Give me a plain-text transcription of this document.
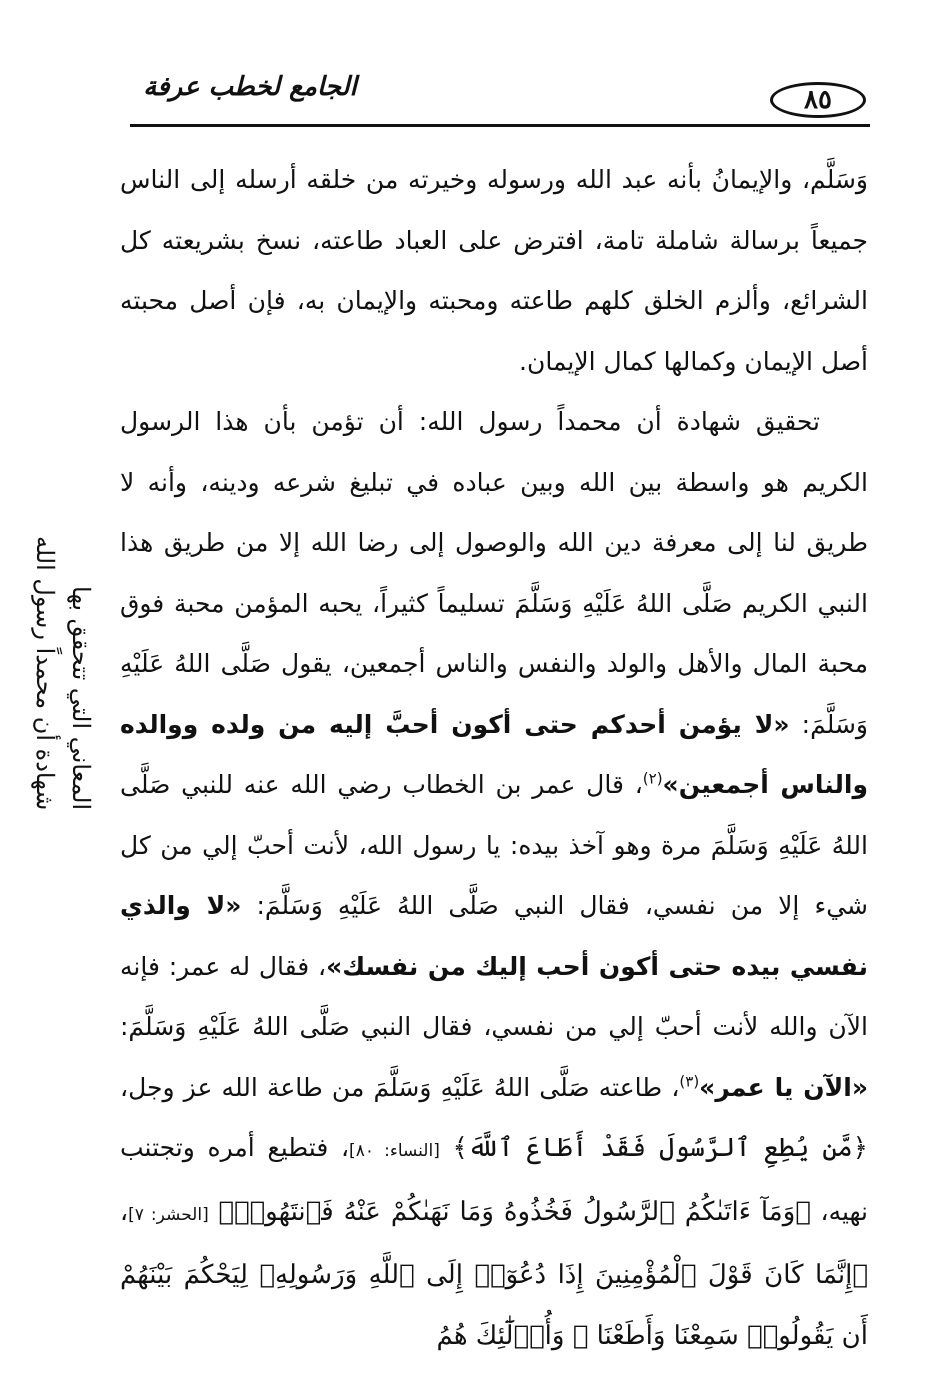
٨٥
الجامع لخطب عرفة
شهادة أن محمداً رسول الله المعاني التي تتحقق بها

وَسَلَّم، والإيمانُ بأنه عبد الله ورسوله وخيرته من خلقه أرسله إلى الناس جميعاً برسالة شاملة تامة، افترض على العباد طاعته، نسخ بشريعته كل الشرائع، وألزم الخلق كلهم طاعته ومحبته والإيمان به، فإن أصل محبته أصل الإيمان وكمالها كمال الإيمان.

تحقيق شهادة أن محمداً رسول الله: أن تؤمن بأن هذا الرسول الكريم هو واسطة بين الله وبين عباده في تبليغ شرعه ودينه، وأنه لا طريق لنا إلى معرفة دين الله والوصول إلى رضا الله إلا من طريق هذا النبي الكريم صَلَّى اللهُ عَلَيْهِ وَسَلَّمَ تسليماً كثيراً، يحبه المؤمن محبة فوق محبة المال والأهل والولد والنفس والناس أجمعين، يقول صَلَّى اللهُ عَلَيْهِ وَسَلَّمَ: «لا يؤمن أحدكم حتى أكون أحبَّ إليه من ولده ووالده والناس أجمعين»$^{(٢)}$، قال عمر بن الخطاب رضي الله عنه للنبي صَلَّى اللهُ عَلَيْهِ وَسَلَّمَ مرة وهو آخذ بيده: يا رسول الله، لأنت أحبّ إلي من كل شيء إلا من نفسي، فقال النبي صَلَّى اللهُ عَلَيْهِ وَسَلَّمَ: «لا والذي نفسي بيده حتى أكون أحب إليك من نفسك»، فقال له عمر: فإنه الآن والله لأنت أحبّ إلي من نفسي، فقال النبي صَلَّى اللهُ عَلَيْهِ وَسَلَّمَ: «الآن يا عمر»$^{(٣)}$، طاعته صَلَّى اللهُ عَلَيْهِ وَسَلَّمَ من طاعة الله عز وجل، ﴿مَّن يُطِعِ ٱلرَّسُولَ فَقَدْ أَطَاعَ ٱللَّهَ﴾ [النساء: ٨٠]، فتطيع أمره وتجتنب نهيه، ﴿وَمَآ ءَاتَىٰكُمُ ٱلرَّسُولُ فَخُذُوهُ وَمَا نَهَىٰكُمْ عَنْهُ فَٱنتَهُوا۟﴾ [الحشر: ٧]، ﴿إِنَّمَا كَانَ قَوْلَ ٱلْمُؤْمِنِينَ إِذَا دُعُوٓا۟ إِلَى ٱللَّهِ وَرَسُولِهِۦ لِيَحْكُمَ بَيْنَهُمْ أَن يَقُولُوا۟ سَمِعْنَا وَأَطَعْنَا ۚ وَأُو۟لَٰٓئِكَ هُمُ
